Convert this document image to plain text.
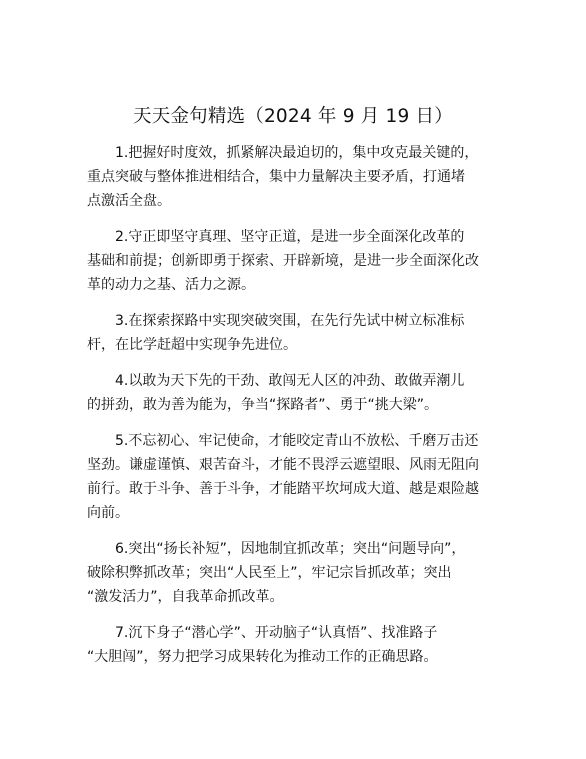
天天金句精选（2024 年 9 月 19 日）

1.把握好时度效，抓紧解决最迫切的，集中攻克最关键的，
重点突破与整体推进相结合，集中力量解决主要矛盾，打通堵
点激活全盘。

2.守正即坚守真理、坚守正道，是进一步全面深化改革的
基础和前提；创新即勇于探索、开辟新境，是进一步全面深化改
革的动力之基、活力之源。

3.在探索探路中实现突破突围，在先行先试中树立标准标
杆，在比学赶超中实现争先进位。

4.以敢为天下先的干劲、敢闯无人区的冲劲、敢做弄潮儿
的拼劲，敢为善为能为，争当“探路者”、勇于“挑大梁”。

5.不忘初心、牢记使命，才能咬定青山不放松、千磨万击还
坚劲。谦虚谨慎、艰苦奋斗，才能不畏浮云遮望眼、风雨无阻向
前行。敢于斗争、善于斗争，才能踏平坎坷成大道、越是艰险越
向前。

6.突出“扬长补短”，因地制宜抓改革；突出“问题导向”，
破除积弊抓改革；突出“人民至上”，牢记宗旨抓改革；突出
“激发活力”，自我革命抓改革。

7.沉下身子“潜心学”、开动脑子“认真悟”、找准路子
“大胆闯”，努力把学习成果转化为推动工作的正确思路。
